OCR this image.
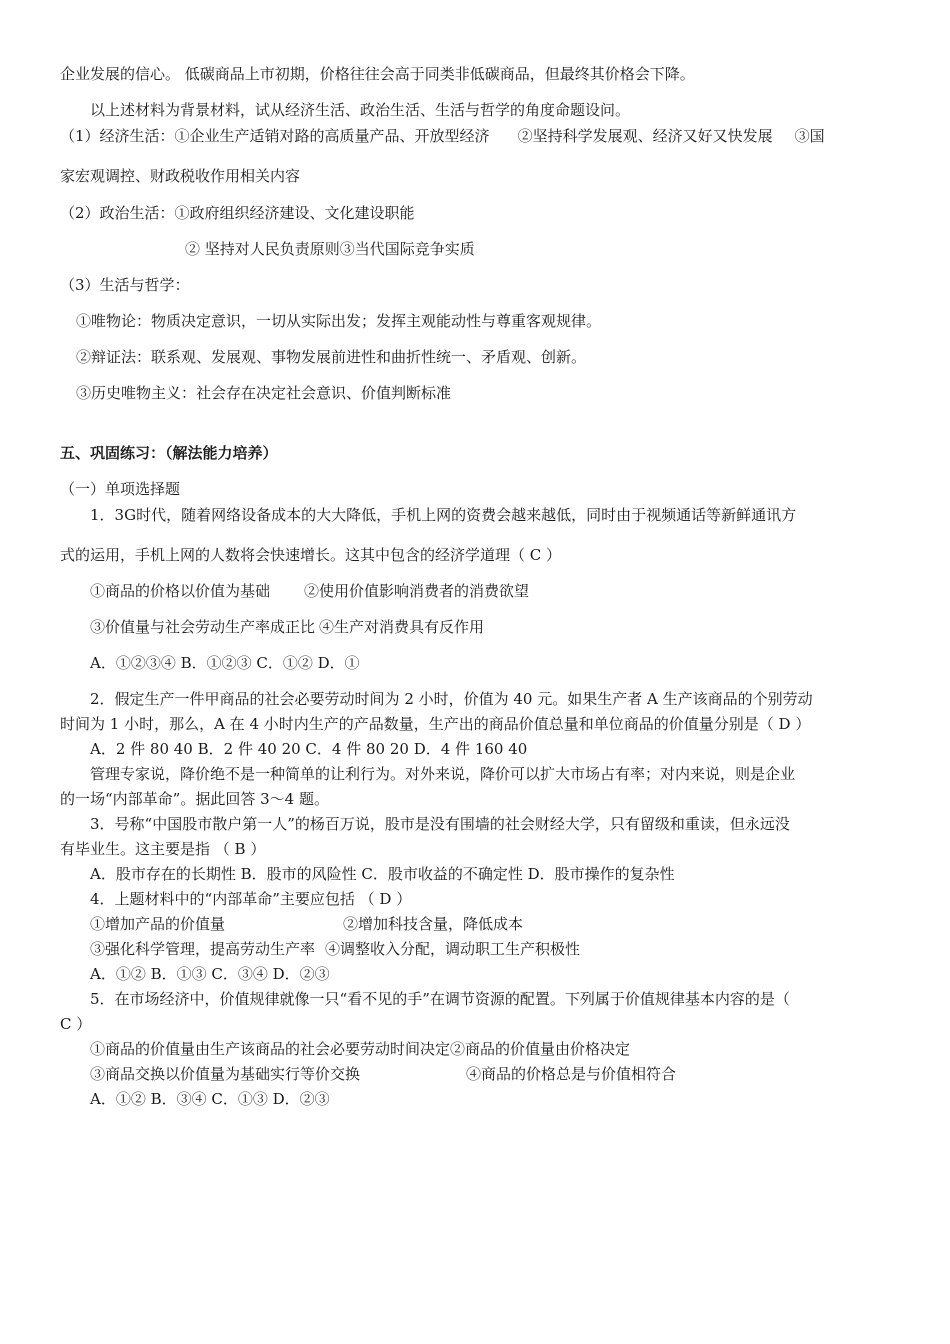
企业发展的信心。 低碳商品上市初期，价格往往会高于同类非低碳商品，但最终其价格会下降。
以上述材料为背景材料，试从经济生活、政治生活、生活与哲学的角度命题设问。
（1）经济生活：①企业生产适销对路的高质量产品、开放型经济 ②坚持科学发展观、经济又好又快发展 ③国
家宏观调控、财政税收作用相关内容
（2）政治生活：①政府组织经济建设、文化建设职能
② 坚持对人民负责原则③当代国际竞争实质
（3）生活与哲学：
①唯物论：物质决定意识，一切从实际出发；发挥主观能动性与尊重客观规律。
②辩证法：联系观、发展观、事物发展前进性和曲折性统一、矛盾观、创新。
③历史唯物主义：社会存在决定社会意识、价值判断标准
五、巩固练习：（解法能力培养）
（一）单项选择题
1．3G时代，随着网络设备成本的大大降低，手机上网的资费会越来越低，同时由于视频通话等新鲜通讯方
式的运用，手机上网的人数将会快速增长。这其中包含的经济学道理（ C ）
①商品的价格以价值为基础 ②使用价值影响消费者的消费欲望
③价值量与社会劳动生产率成正比 ④生产对消费具有反作用
A．①②③④ B．①②③ C．①② D．①
2．假定生产一件甲商品的社会必要劳动时间为 2 小时，价值为 40 元。如果生产者 A 生产该商品的个别劳动
时间为 1 小时，那么，A 在 4 小时内生产的产品数量，生产出的商品价值总量和单位商品的价值量分别是（ D ）
A．2 件 80 40 B．2 件 40 20 C．4 件 80 20 D．4 件 160 40
管理专家说，降价绝不是一种简单的让利行为。对外来说，降价可以扩大市场占有率；对内来说，则是企业
的一场“内部革命”。据此回答 3～4 题。
3．号称“中国股市散户第一人”的杨百万说，股市是没有围墙的社会财经大学，只有留级和重读，但永远没
有毕业生。这主要是指 （ B ）
A．股市存在的长期性 B．股市的风险性 C．股市收益的不确定性 D．股市操作的复杂性
4．上题材料中的“内部革命”主要应包括 （ D ）
①增加产品的价值量	②增加科技含量，降低成本
③强化科学管理，提高劳动生产率 ④调整收入分配，调动职工生产积极性
A．①② B．①③ C．③④ D．②③
5．在市场经济中，价值规律就像一只“看不见的手”在调节资源的配置。下列属于价值规律基本内容的是（
C ）
①商品的价值量由生产该商品的社会必要劳动时间决定②商品的价值量由价格决定
③商品交换以价值量为基础实行等价交换	④商品的价格总是与价值相符合
A．①② B．③④ C．①③ D．②③
